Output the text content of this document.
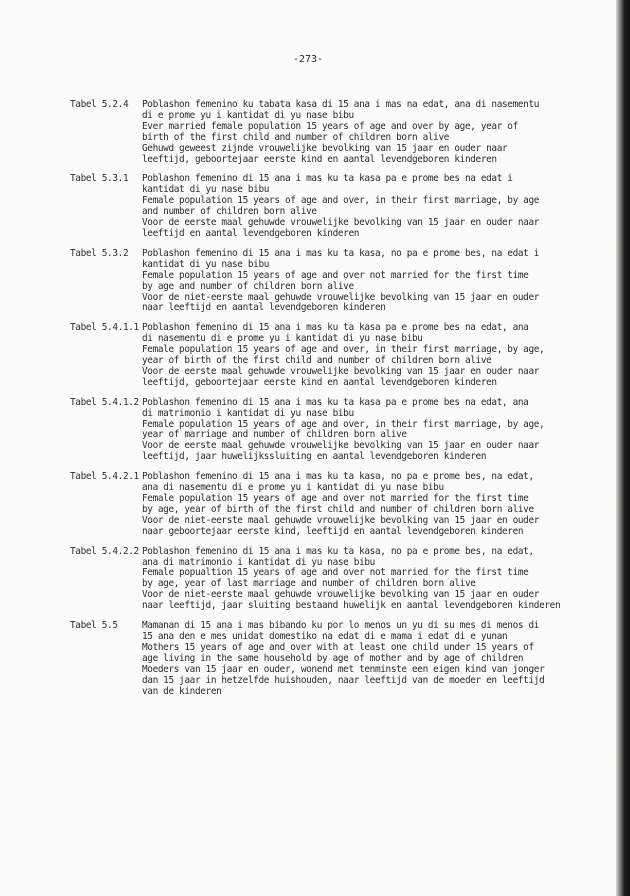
-273-
Tabel 5.2.4	Poblashon femenino ku tabata kasa di 15 ana i mas na edat, ana di nasementu
di e prome yu i kantidat di yu nase bibu
Ever married female population 15 years of age and over by age, year of
birth of the first child and number of children born alive
Gehuwd geweest zijnde vrouwelijke bevolking van 15 jaar en ouder naar
leeftijd, geboortejaar eerste kind en aantal levendgeboren kinderen
Tabel 5.3.1	Poblashon femenino di 15 ana i mas ku ta kasa pa e prome bes na edat i
kantidat di yu nase bibu
Female population 15 years of age and over, in their first marriage, by age
and number of children born alive
Voor de eerste maal gehuwde vrouwelijke bevolking van 15 jaar en ouder naar
leeftijd en aantal levendgeboren kinderen
Tabel 5.3.2	Poblashon femenino di 15 ana i mas ku ta kasa, no pa e prome bes, na edat i
kantidat di yu nase bibu
Female population 15 years of age and over not married for the first time
by age and number of children born alive
Voor de niet-eerste maal gehuwde vrouwelijke bevolking van 15 jaar en ouder
naar leeftijd en aantal levendgeboren kinderen
Tabel 5.4.1.1 Poblashon femenino di 15 ana i mas ku ta kasa pa e prome bes na edat, ana
di nasementu di e prome yu i kantidat di yu nase bibu
Female population 15 years of age and over, in their first marriage, by age,
year of birth of the first child and number of children born alive
Voor de eerste maal gehuwde vrouwelijke bevolking van 15 jaar en ouder naar
leeftijd, geboortejaar eerste kind en aantal levendgeboren kinderen
Tabel 5.4.1.2 Poblashon femenino di 15 ana i mas ku ta kasa pa e prome bes na edat, ana
di matrimonio i kantidat di yu nase bibu
Female population 15 years of age and over, in their first marriage, by age,
year of marriage and number of children born alive
Voor de eerste maal gehuwde vrouwelijke bevolking van 15 jaar en ouder naar
leeftijd, jaar huwelijkssluiting en aantal levendgeboren kinderen
Tabel 5.4.2.1 Poblashon femenino di 15 ana i mas ku ta kasa, no pa e prome bes, na edat,
ana di nasementu di e prome yu i kantidat di yu nase bibu
Female population 15 years of age and over not married for the first time
by age, year of birth of the first child and number of children born alive
Voor de niet-eerste maal gehuwde vrouwelijke bevolking van 15 jaar en ouder
naar geboortejaar eerste kind, leeftijd en aantal levendgeboren kinderen
Tabel 5.4.2.2 Poblashon femenino di 15 ana i mas ku ta kasa, no pa e prome bes, na edat,
ana di matrimonio i kantidat di yu nase bibu
Female popualtion 15 years of age and over not married for the first time
by age, year of last marriage and number of children born alive
Voor de niet-eerste maal gehuwde vrouwelijke bevolking van 15 jaar en ouder
naar leeftijd, jaar sluiting bestaand huwelijk en aantal levendgeboren kinderen
Tabel 5.5	Mamanan di 15 ana i mas bibando ku por lo menos un yu di su mes di menos di
15 ana den e mes unidat domestiko na edat di e mama i edat di e yunan
Mothers 15 years of age and over with at least one child under 15 years of
age living in the same household by age of mother and by age of children
Moeders van 15 jaar en ouder, wonend met tenminste een eigen kind van jonger
dan 15 jaar in hetzelfde huishouden, naar leeftijd van de moeder en leeftijd
van de kinderen
